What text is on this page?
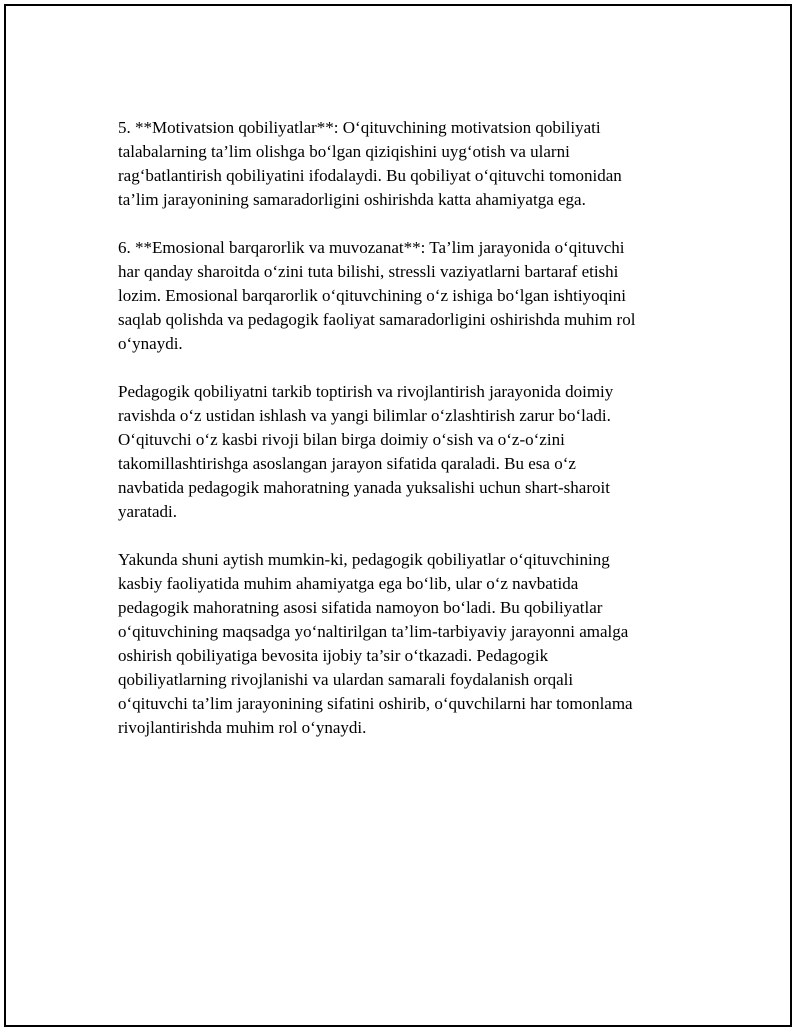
5. **Motivatsion qobiliyatlar**: O‘qituvchining motivatsion qobiliyati
talabalarning ta’lim olishga bo‘lgan qiziqishini uyg‘otish va ularni
rag‘batlantirish qobiliyatini ifodalaydi. Bu qobiliyat o‘qituvchi tomonidan
ta’lim jarayonining samaradorligini oshirishda katta ahamiyatga ega.

6. **Emosional barqarorlik va muvozanat**: Ta’lim jarayonida o‘qituvchi
har qanday sharoitda o‘zini tuta bilishi, stressli vaziyatlarni bartaraf etishi
lozim. Emosional barqarorlik o‘qituvchining o‘z ishiga bo‘lgan ishtiyoqini
saqlab qolishda va pedagogik faoliyat samaradorligini oshirishda muhim rol
o‘ynaydi.

Pedagogik qobiliyatni tarkib toptirish va rivojlantirish jarayonida doimiy
ravishda o‘z ustidan ishlash va yangi bilimlar o‘zlashtirish zarur bo‘ladi.
O‘qituvchi o‘z kasbi rivoji bilan birga doimiy o‘sish va o‘z-o‘zini
takomillashtirishga asoslangan jarayon sifatida qaraladi. Bu esa o‘z
navbatida pedagogik mahoratning yanada yuksalishi uchun shart-sharoit
yaratadi.

Yakunda shuni aytish mumkin-ki, pedagogik qobiliyatlar o‘qituvchining
kasbiy faoliyatida muhim ahamiyatga ega bo‘lib, ular o‘z navbatida
pedagogik mahoratning asosi sifatida namoyon bo‘ladi. Bu qobiliyatlar
o‘qituvchining maqsadga yo‘naltirilgan ta’lim-tarbiyaviy jarayonni amalga
oshirish qobiliyatiga bevosita ijobiy ta’sir o‘tkazadi. Pedagogik
qobiliyatlarning rivojlanishi va ulardan samarali foydalanish orqali
o‘qituvchi ta’lim jarayonining sifatini oshirib, o‘quvchilarni har tomonlama
rivojlantirishda muhim rol o‘ynaydi.
